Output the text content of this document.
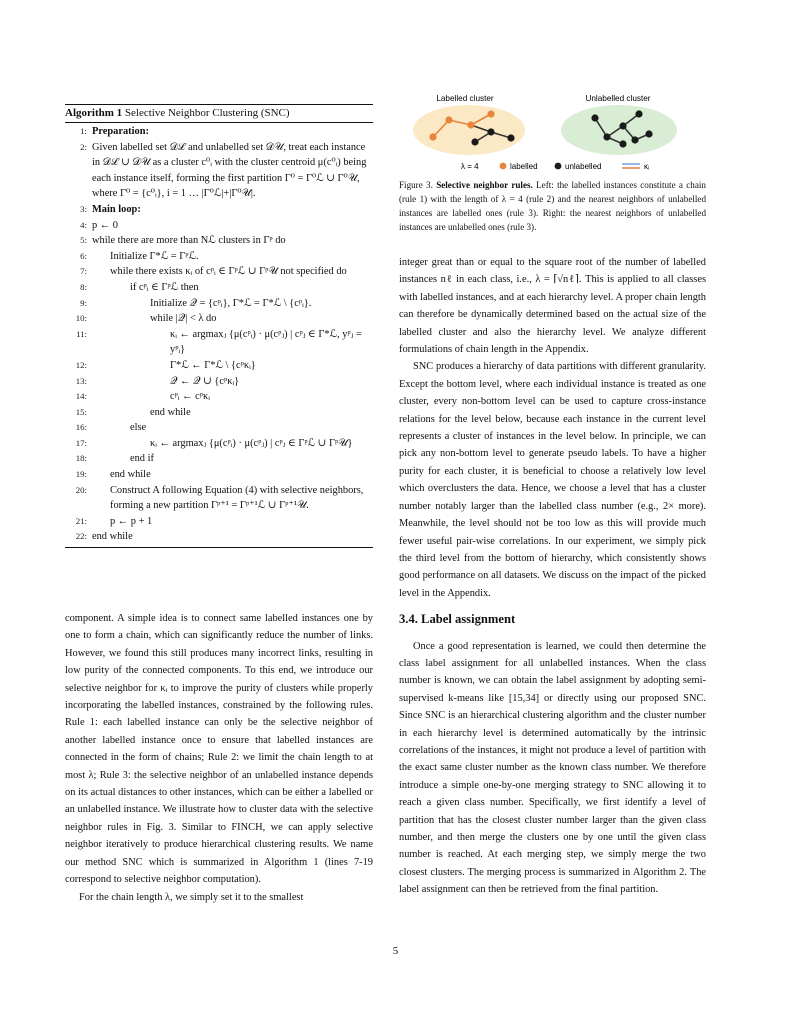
Algorithm 1 Selective Neighbor Clustering (SNC)
1: Preparation:
2: Given labelled set 𝒟ℒ and unlabelled set 𝒟𝒰, treat each instance in 𝒟ℒ ∪ 𝒟𝒰 as a cluster c⁰ᵢ with the cluster centroid μ(c⁰ᵢ) being each instance itself, forming the first partition Γ⁰ = Γ⁰ℒ ∪ Γ⁰𝒰, where Γ⁰ = {c⁰ᵢ}, i = 1 … |Γ⁰ℒ|+|Γ⁰𝒰|.
3: Main loop:
4: p ← 0
5: while there are more than Nℒ clusters in Γᵖ do
6:	Initialize Γ*ℒ = Γᵖℒ.
7:	while there exists κᵢ of cᵖᵢ ∈ Γᵖℒ ∪ Γᵖ𝒰 not specified do
8:	if cᵖᵢ ∈ Γᵖℒ then
9:	Initialize 𝒬 = {cᵖᵢ}, Γ*ℒ = Γ*ℒ \ {cᵖᵢ}.
10:	while |𝒬| < λ do
11:	κᵢ ← argmaxⱼ {μ(cᵖᵢ) · μ(cᵖⱼ) | cᵖⱼ ∈ Γ*ℒ, yᵖⱼ = yᵖᵢ}
12:	Γ*ℒ ← Γ*ℒ \ {cᵖκᵢ}
13:	𝒬 ← 𝒬 ∪ {cᵖκᵢ}
14:	cᵖᵢ ← cᵖκᵢ
15:	end while
16:	else
17:	κᵢ ← argmaxⱼ {μ(cᵖᵢ) · μ(cᵖⱼ) | cᵖⱼ ∈ Γᵖℒ ∪ Γᵖ𝒰}
18:	end if
19:	end while
20:	Construct A following Equation (4) with selective neighbors, forming a new partition Γᵖ⁺¹ = Γᵖ⁺¹ℒ ∪ Γᵖ⁺¹𝒰.
21:	p ← p + 1
22: end while

component. A simple idea is to connect same labelled instances one by one to form a chain, which can significantly reduce the number of links. However, we found this still produces many incorrect links, resulting in low purity of the connected components. To this end, we introduce our selective neighbor for κᵢ to improve the purity of clusters while properly incorporating the labelled instances, constrained by the following rules. Rule 1: each labelled instance can only be the selective neighbor of another labelled instance once to ensure that labelled instances are connected in the form of chains; Rule 2: we limit the chain length to at most λ; Rule 3: the selective neighbor of an unlabelled instance depends on its actual distances to other instances, which can be either a labelled or an unlabelled instance. We illustrate how to cluster data with the selective neighbor rules in Fig. 3. Similar to FINCH, we can apply selective neighbor iteratively to produce hierarchical clustering results. We name our method SNC which is summarized in Algorithm 1 (lines 7-19 correspond to selective neighbor computation).

For the chain length λ, we simply set it to the smallest

Labelled cluster	Unlabelled cluster
λ = 4	labelled	unlabelled	κᵢ
Figure 3. Selective neighbor rules. Left: the labelled instances constitute a chain (rule 1) with the length of λ = 4 (rule 2) and the nearest neighbors of unlabelled instances are labelled ones (rule 3). Right: the nearest neighbors of unlabelled instances are unlabelled ones (rule 3).

integer great than or equal to the square root of the number of labelled instances nℓ in each class, i.e., λ = ⌈√nℓ⌉. This is applied to all classes with labelled instances, and at each hierarchy level. A proper chain length can therefore be dynamically determined based on the actual size of the labelled cluster and also the hierarchy level. We analyze different formulations of chain length in the Appendix.

SNC produces a hierarchy of data partitions with different granularity. Except the bottom level, where each individual instance is treated as one cluster, every non-bottom level can be used to capture cross-instance relations for the level below, because each instance in the current level represents a cluster of instances in the level below. In principle, we can pick any non-bottom level to generate pseudo labels. To have a higher purity for each cluster, it is beneficial to choose a relatively low level which overclusters the data. Hence, we choose a level that has a cluster number notably larger than the labelled class number (e.g., 2× more). Meanwhile, the level should not be too low as this will provide much fewer useful pair-wise correlations. In our experiment, we simply pick the third level from the bottom of hierarchy, which consistently shows good performance on all datasets. We discuss on the impact of the picked level in the Appendix.

3.4. Label assignment

Once a good representation is learned, we could then determine the class label assignment for all unlabelled instances. When the class number is known, we can obtain the label assignment by adopting semi-supervised k-means like [15,34] or directly using our proposed SNC. Since SNC is an hierarchical clustering algorithm and the cluster number in each hierarchy level is determined automatically by the intrinsic correlations of the instances, it might not produce a level of partition with the exact same cluster number as the known class number. We therefore introduce a simple one-by-one merging strategy to SNC allowing it to reach a given class number. Specifically, we first identify a level of partition that has the closest cluster number larger than the given class number, and then merge the clusters one by one until the given class number is reached. At each merging step, we simply merge the two closest clusters. The merging process is summarized in Algorithm 2. The label assignment can then be retrieved from the final partition.

5
